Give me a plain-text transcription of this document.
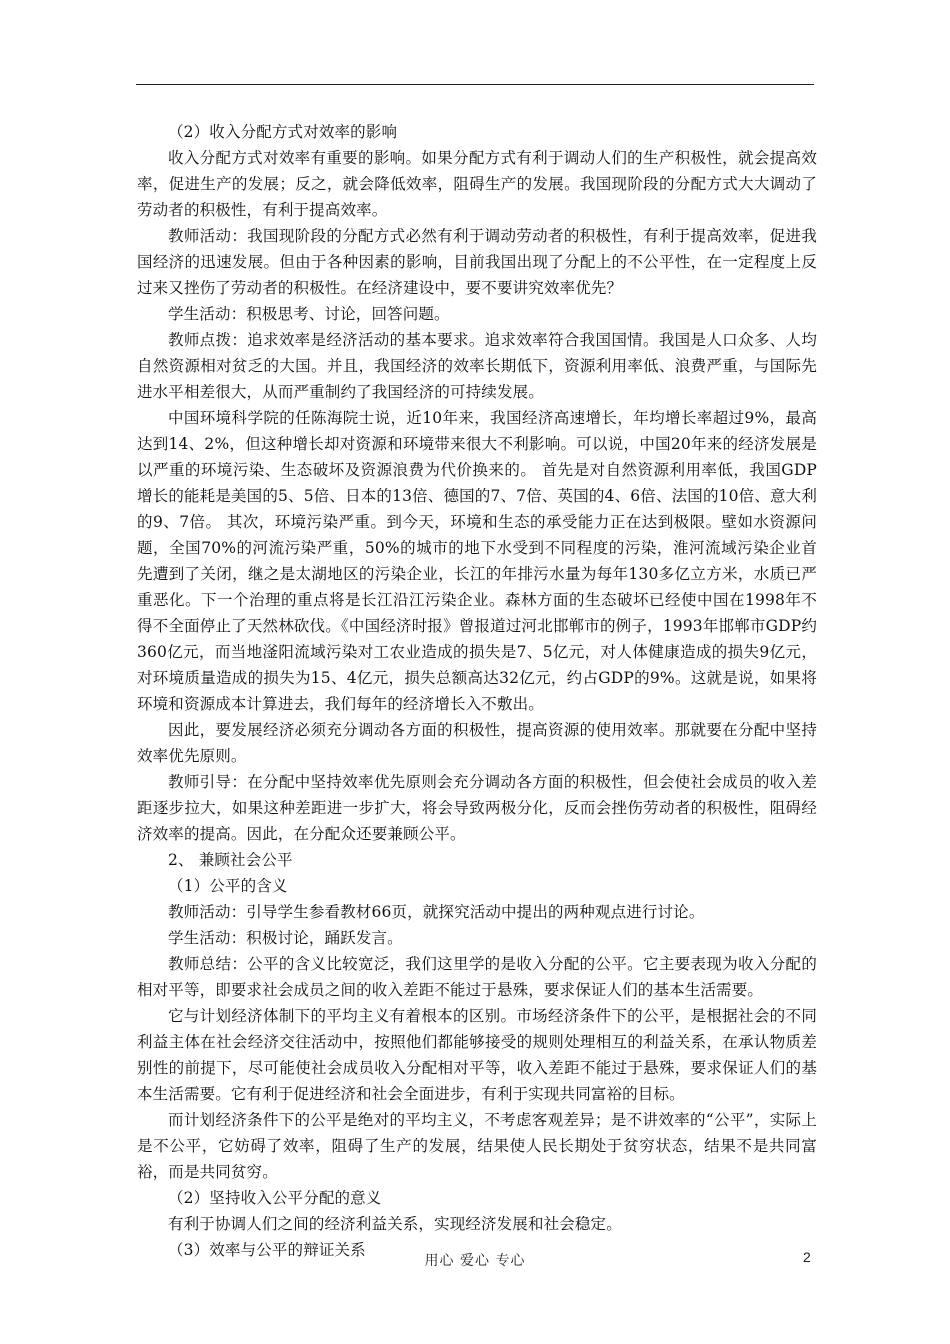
（2）收入分配方式对效率的影响

收入分配方式对效率有重要的影响。如果分配方式有利于调动人们的生产积极性，就会提高效率，促进生产的发展；反之，就会降低效率，阻碍生产的发展。我国现阶段的分配方式大大调动了劳动者的积极性，有利于提高效率。

教师活动：我国现阶段的分配方式必然有利于调动劳动者的积极性，有利于提高效率，促进我国经济的迅速发展。但由于各种因素的影响，目前我国出现了分配上的不公平性，在一定程度上反过来又挫伤了劳动者的积极性。在经济建设中，要不要讲究效率优先？

学生活动：积极思考、讨论，回答问题。

教师点拨：追求效率是经济活动的基本要求。追求效率符合我国国情。我国是人口众多、人均自然资源相对贫乏的大国。并且，我国经济的效率长期低下，资源利用率低、浪费严重，与国际先进水平相差很大，从而严重制约了我国经济的可持续发展。

中国环境科学院的任陈海院士说，近10年来，我国经济高速增长，年均增长率超过9%，最高达到14、2%，但这种增长却对资源和环境带来很大不利影响。可以说，中国20年来的经济发展是以严重的环境污染、生态破坏及资源浪费为代价换来的。 首先是对自然资源利用率低，我国GDP增长的能耗是美国的5、5倍、日本的13倍、德国的7、7倍、英国的4、6倍、法国的10倍、意大利的9、7倍。 其次，环境污染严重。到今天，环境和生态的承受能力正在达到极限。壁如水资源问题，全国70%的河流污染严重，50%的城市的地下水受到不同程度的污染，淮河流域污染企业首先遭到了关闭，继之是太湖地区的污染企业，长江的年排污水量为每年130多亿立方米，水质已严重恶化。下一个治理的重点将是长江沿江污染企业。森林方面的生态破坏已经使中国在1998年不得不全面停止了天然林砍伐。《中国经济时报》曾报道过河北邯郸市的例子，1993年邯郸市GDP约360亿元，而当地滏阳流域污染对工农业造成的损失是7、5亿元，对人体健康造成的损失9亿元，对环境质量造成的损失为15、4亿元，损失总额高达32亿元，约占GDP的9%。这就是说，如果将环境和资源成本计算进去，我们每年的经济增长入不敷出。

因此，要发展经济必须充分调动各方面的积极性，提高资源的使用效率。那就要在分配中坚持效率优先原则。

教师引导：在分配中坚持效率优先原则会充分调动各方面的积极性，但会使社会成员的收入差距逐步拉大，如果这种差距进一步扩大，将会导致两极分化，反而会挫伤劳动者的积极性，阻碍经济效率的提高。因此，在分配众还要兼顾公平。

2、 兼顾社会公平

（1）公平的含义

教师活动：引导学生参看教材66页，就探究活动中提出的两种观点进行讨论。

学生活动：积极讨论，踊跃发言。

教师总结：公平的含义比较宽泛，我们这里学的是收入分配的公平。它主要表现为收入分配的相对平等，即要求社会成员之间的收入差距不能过于悬殊，要求保证人们的基本生活需要。

它与计划经济体制下的平均主义有着根本的区别。市场经济条件下的公平，是根据社会的不同利益主体在社会经济交往活动中，按照他们都能够接受的规则处理相互的利益关系，在承认物质差别性的前提下，尽可能使社会成员收入分配相对平等，收入差距不能过于悬殊，要求保证人们的基本生活需要。它有利于促进经济和社会全面进步，有利于实现共同富裕的目标。

而计划经济条件下的公平是绝对的平均主义，不考虑客观差异；是不讲效率的“公平”，实际上是不公平，它妨碍了效率，阻碍了生产的发展，结果使人民长期处于贫穷状态，结果不是共同富裕，而是共同贫穷。

（2）坚持收入公平分配的意义

有利于协调人们之间的经济利益关系，实现经济发展和社会稳定。

（3）效率与公平的辩证关系

用心 爱心 专心	2
